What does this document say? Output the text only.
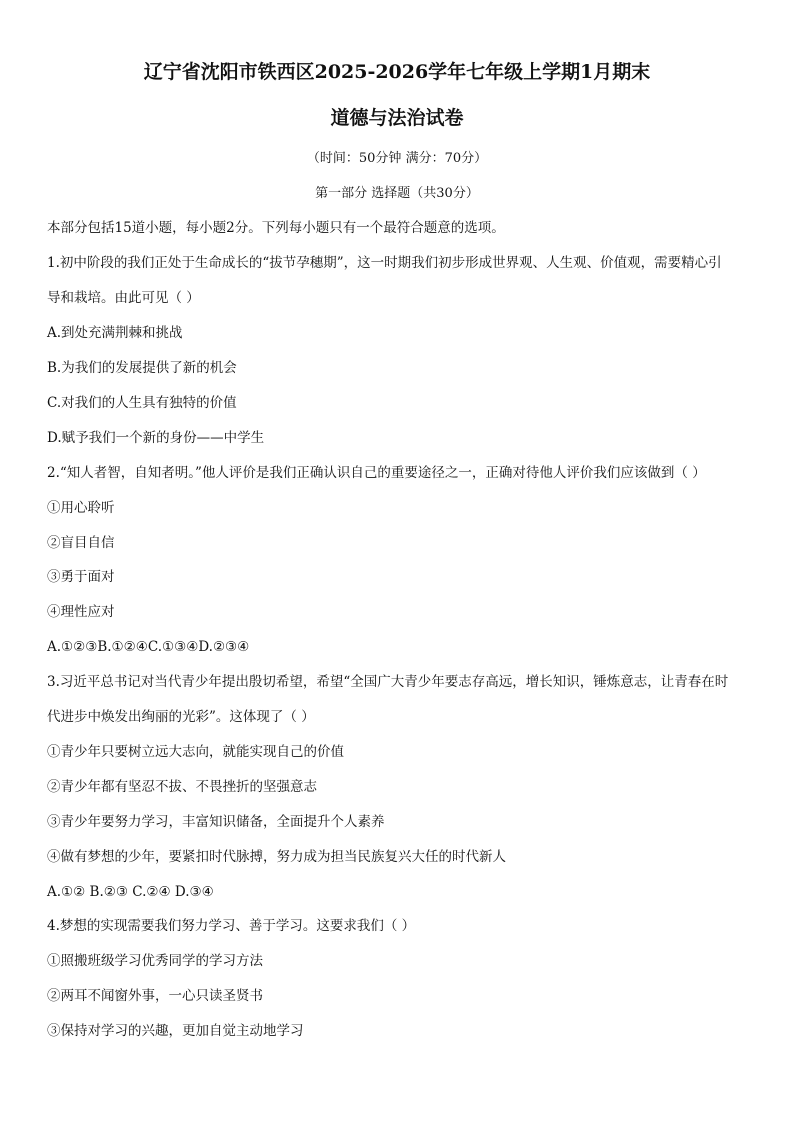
辽宁省沈阳市铁西区2025-2026学年七年级上学期1月期末
道德与法治试卷
（时间：50分钟 满分：70分）
第一部分 选择题（共30分）
本部分包括15道小题，每小题2分。下列每小题只有一个最符合题意的选项。
1.初中阶段的我们正处于生命成长的“拔节孕穗期”，这一时期我们初步形成世界观、人生观、价值观，需要精心引
导和栽培。由此可见（ ）
A.到处充满荆棘和挑战
B.为我们的发展提供了新的机会
C.对我们的人生具有独特的价值
D.赋予我们一个新的身份——中学生
2.“知人者智，自知者明。”他人评价是我们正确认识自己的重要途径之一，正确对待他人评价我们应该做到（ ）
①用心聆听
②盲目自信
③勇于面对
④理性应对
A.①②③B.①②④C.①③④D.②③④
3.习近平总书记对当代青少年提出殷切希望，希望“全国广大青少年要志存高远，增长知识，锤炼意志，让青春在时
代进步中焕发出绚丽的光彩”。这体现了（ ）
①青少年只要树立远大志向，就能实现自己的价值
②青少年都有坚忍不拔、不畏挫折的坚强意志
③青少年要努力学习，丰富知识储备，全面提升个人素养
④做有梦想的少年，要紧扣时代脉搏，努力成为担当民族复兴大任的时代新人
A.①② B.②③ C.②④ D.③④
4.梦想的实现需要我们努力学习、善于学习。这要求我们（ ）
①照搬班级学习优秀同学的学习方法
②两耳不闻窗外事，一心只读圣贤书
③保持对学习的兴趣，更加自觉主动地学习
